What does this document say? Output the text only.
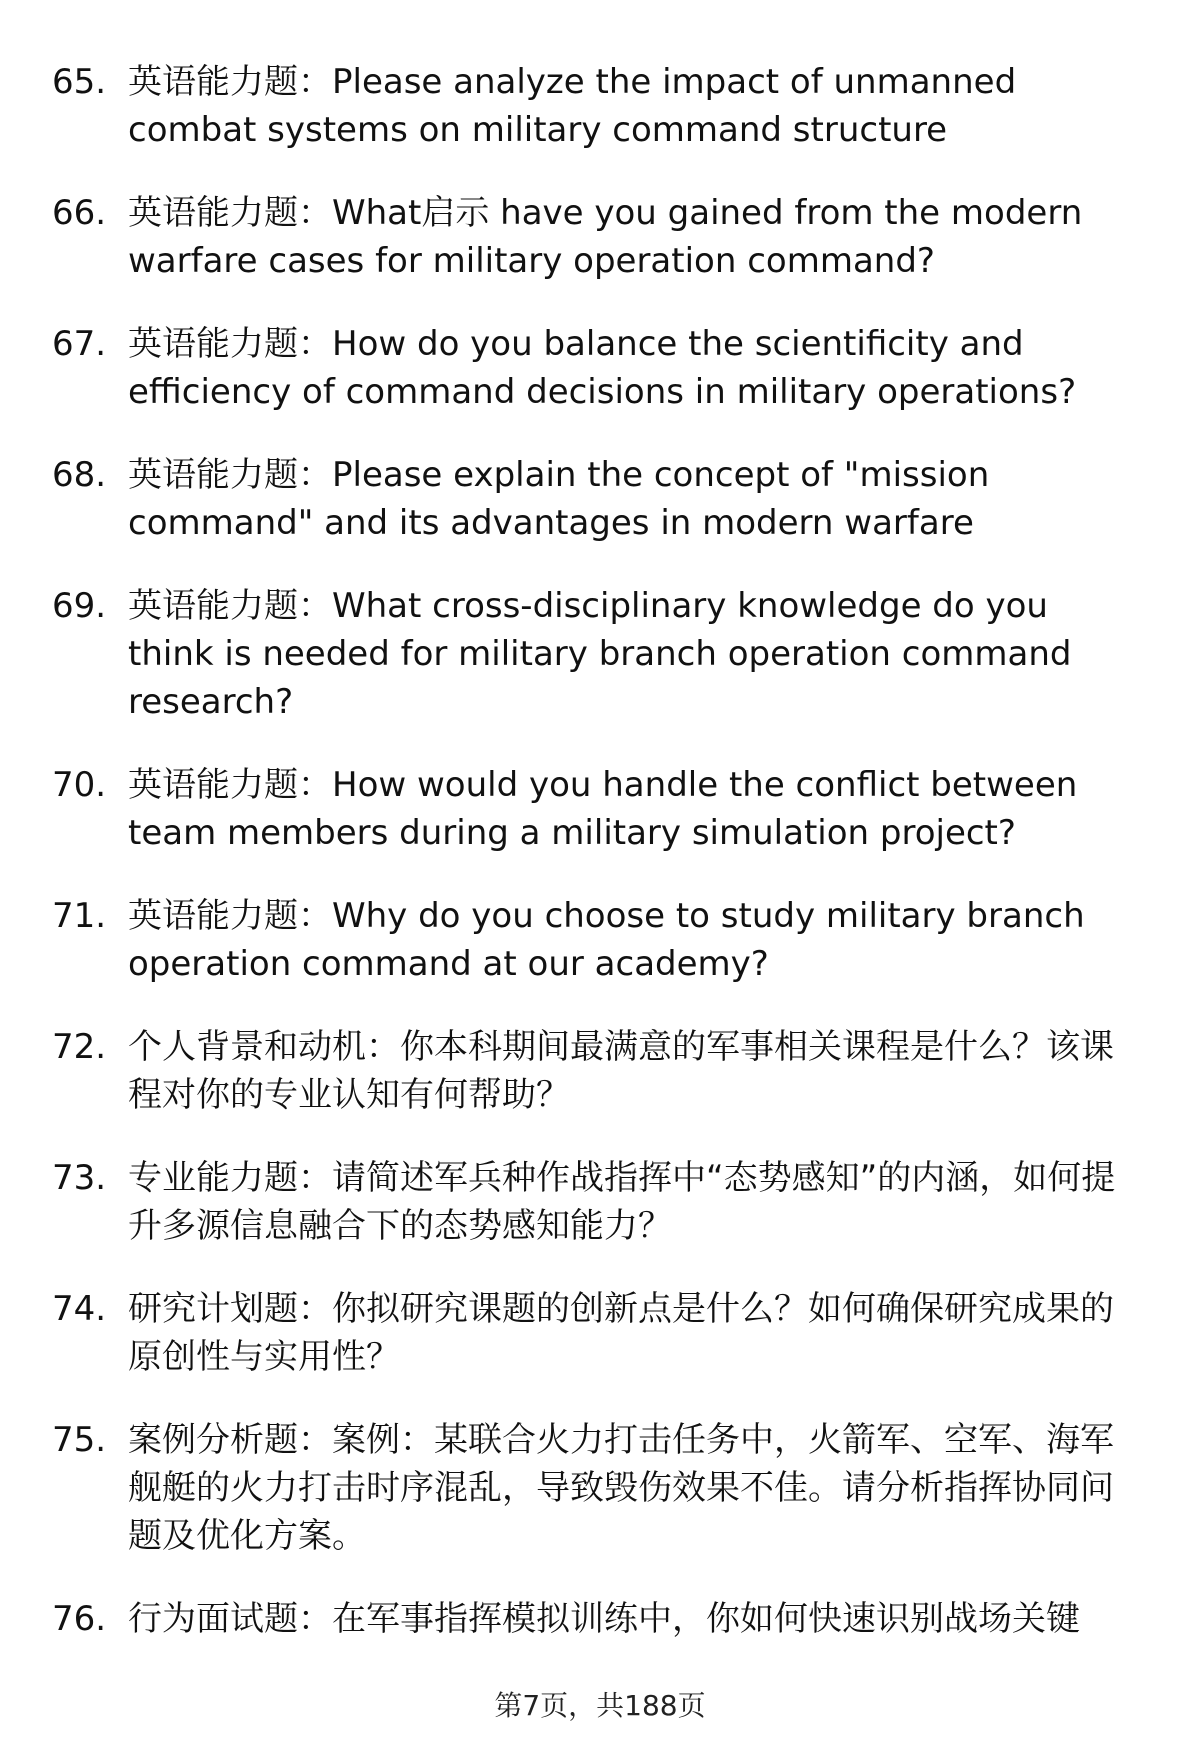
65. 英语能力题：Please analyze the impact of unmanned combat systems on military command structure
66. 英语能力题：What启示 have you gained from the modern warfare cases for military operation command?
67. 英语能力题：How do you balance the scientificity and efficiency of command decisions in military operations?
68. 英语能力题：Please explain the concept of "mission command" and its advantages in modern warfare
69. 英语能力题：What cross-disciplinary knowledge do you think is needed for military branch operation command research?
70. 英语能力题：How would you handle the conflict between team members during a military simulation project?
71. 英语能力题：Why do you choose to study military branch operation command at our academy?
72. 个人背景和动机：你本科期间最满意的军事相关课程是什么？该课程对你的专业认知有何帮助？
73. 专业能力题：请简述军兵种作战指挥中“态势感知”的内涵，如何提升多源信息融合下的态势感知能力？
74. 研究计划题：你拟研究课题的创新点是什么？如何确保研究成果的原创性与实用性？
75. 案例分析题：案例：某联合火力打击任务中，火箭军、空军、海军舰艇的火力打击时序混乱，导致毁伤效果不佳。请分析指挥协同问题及优化方案。
76. 行为面试题：在军事指挥模拟训练中，你如何快速识别战场关键
第7页，共188页
